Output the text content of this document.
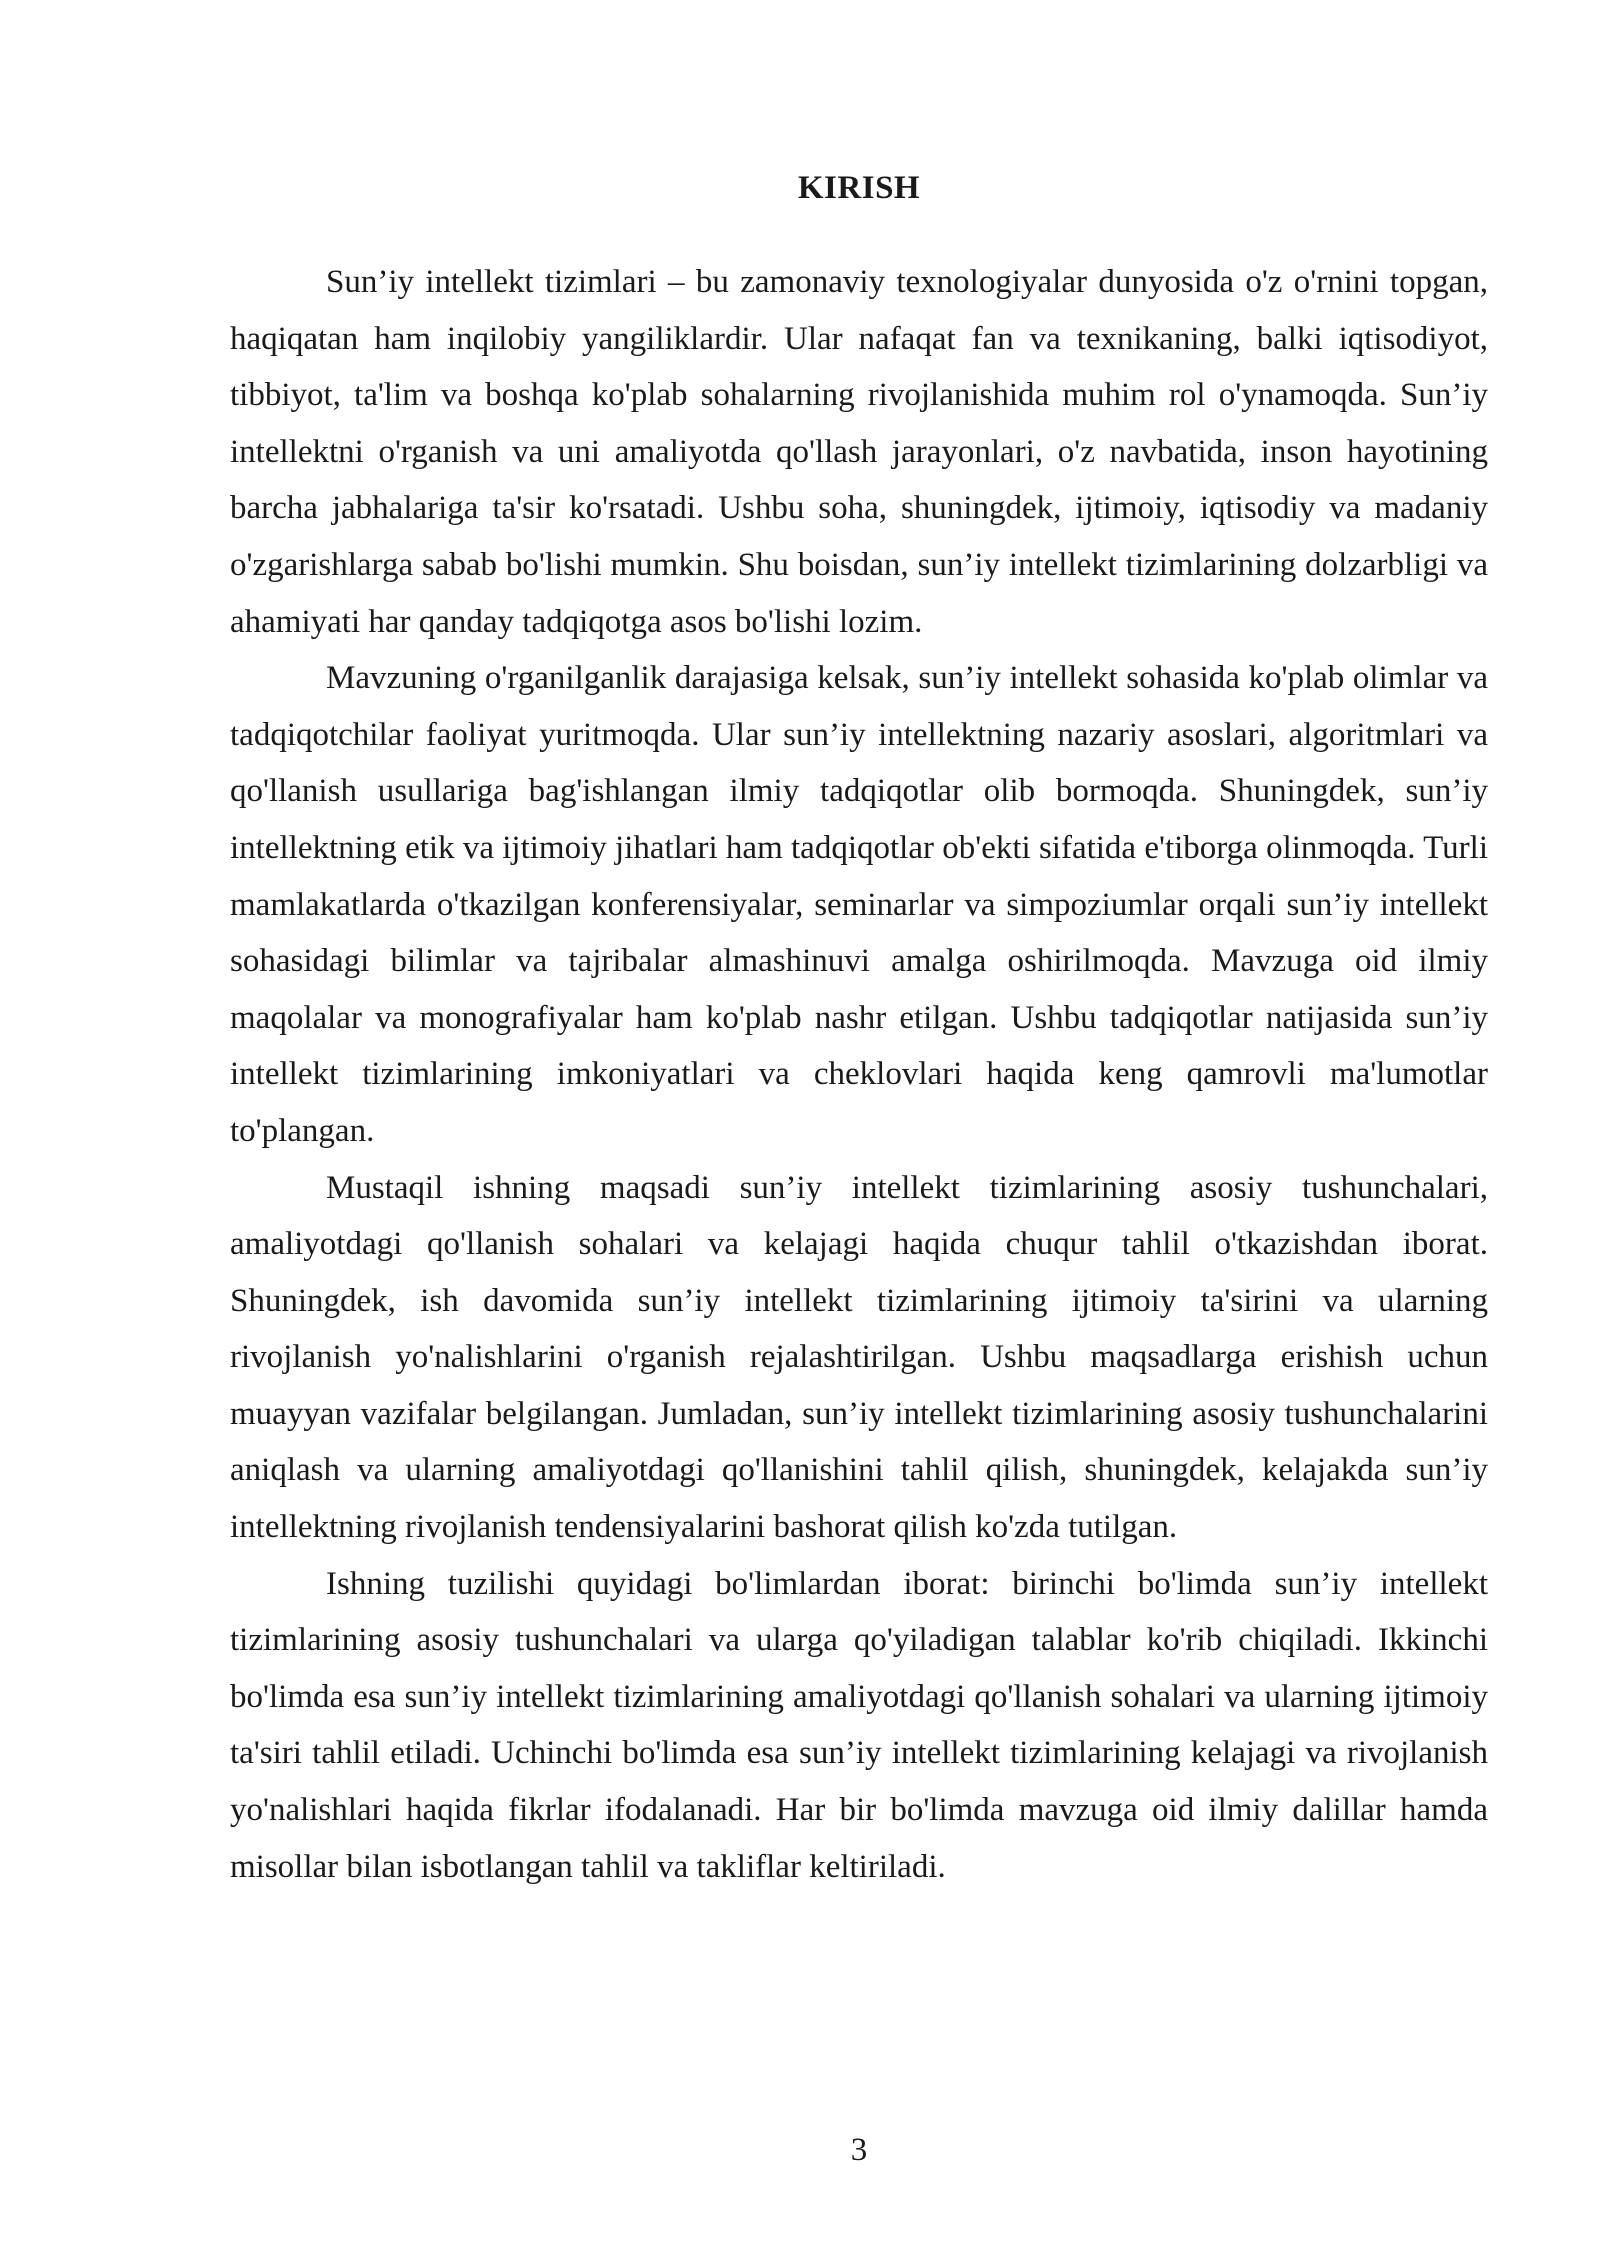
KIRISH

Sun’iy intellekt tizimlari – bu zamonaviy texnologiyalar dunyosida o'z o'rnini topgan, haqiqatan ham inqilobiy yangiliklardir. Ular nafaqat fan va texnikaning, balki iqtisodiyot, tibbiyot, ta'lim va boshqa ko'plab sohalarning rivojlanishida muhim rol o'ynamoqda. Sun’iy intellektni o'rganish va uni amaliyotda qo'llash jarayonlari, o'z navbatida, inson hayotining barcha jabhalariga ta'sir ko'rsatadi. Ushbu soha, shuningdek, ijtimoiy, iqtisodiy va madaniy o'zgarishlarga sabab bo'lishi mumkin. Shu boisdan, sun’iy intellekt tizimlarining dolzarbligi va ahamiyati har qanday tadqiqotga asos bo'lishi lozim.

Mavzuning o'rganilganlik darajasiga kelsak, sun’iy intellekt sohasida ko'plab olimlar va tadqiqotchilar faoliyat yuritmoqda. Ular sun’iy intellektning nazariy asoslari, algoritmlari va qo'llanish usullariga bag'ishlangan ilmiy tadqiqotlar olib bormoqda. Shuningdek, sun’iy intellektning etik va ijtimoiy jihatlari ham tadqiqotlar ob'ekti sifatida e'tiborga olinmoqda. Turli mamlakatlarda o'tkazilgan konferensiyalar, seminarlar va simpoziumlar orqali sun’iy intellekt sohasidagi bilimlar va tajribalar almashinuvi amalga oshirilmoqda. Mavzuga oid ilmiy maqolalar va monografiyalar ham ko'plab nashr etilgan. Ushbu tadqiqotlar natijasida sun’iy intellekt tizimlarining imkoniyatlari va cheklovlari haqida keng qamrovli ma'lumotlar to'plangan.

Mustaqil ishning maqsadi sun’iy intellekt tizimlarining asosiy tushunchalari, amaliyotdagi qo'llanish sohalari va kelajagi haqida chuqur tahlil o'tkazishdan iborat. Shuningdek, ish davomida sun’iy intellekt tizimlarining ijtimoiy ta'sirini va ularning rivojlanish yo'nalishlarini o'rganish rejalashtirilgan. Ushbu maqsadlarga erishish uchun muayyan vazifalar belgilangan. Jumladan, sun’iy intellekt tizimlarining asosiy tushunchalarini aniqlash va ularning amaliyotdagi qo'llanishini tahlil qilish, shuningdek, kelajakda sun’iy intellektning rivojlanish tendensiyalarini bashorat qilish ko'zda tutilgan.

Ishning tuzilishi quyidagi bo'limlardan iborat: birinchi bo'limda sun’iy intellekt tizimlarining asosiy tushunchalari va ularga qo'yiladigan talablar ko'rib chiqiladi. Ikkinchi bo'limda esa sun’iy intellekt tizimlarining amaliyotdagi qo'llanish sohalari va ularning ijtimoiy ta'siri tahlil etiladi. Uchinchi bo'limda esa sun’iy intellekt tizimlarining kelajagi va rivojlanish yo'nalishlari haqida fikrlar ifodalanadi. Har bir bo'limda mavzuga oid ilmiy dalillar hamda misollar bilan isbotlangan tahlil va takliflar keltiriladi.

3
